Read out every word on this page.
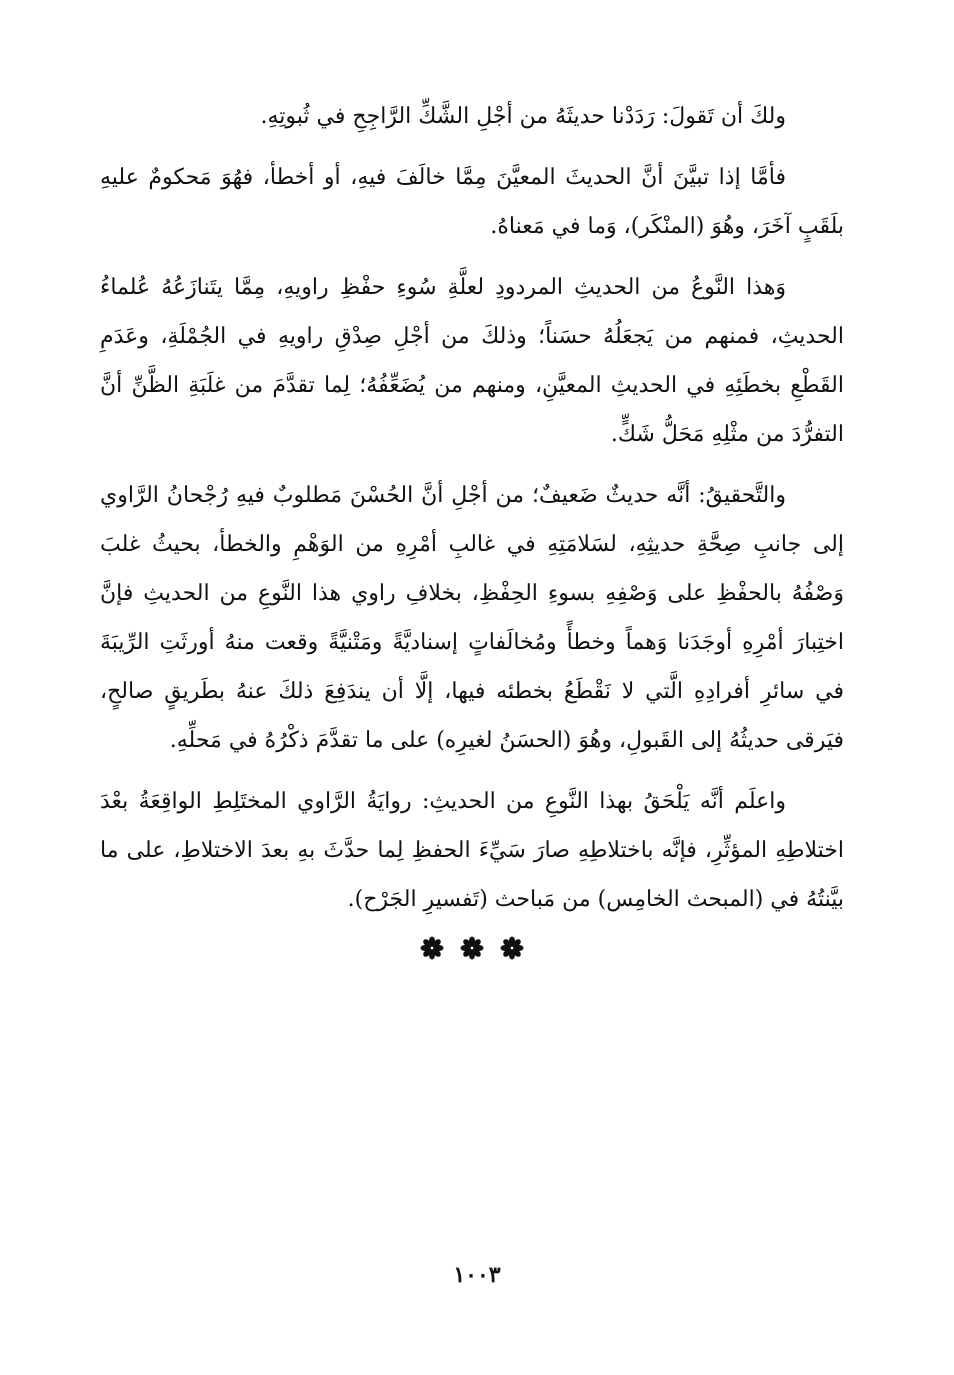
ولكَ أن تَقولَ: رَدَدْنا حديثَهُ من أجْلِ الشَّكِّ الرَّاجِحِ في ثُبوتِهِ.

فأمَّا إذا تبيَّنَ أنَّ الحديثَ المعيَّنَ مِمَّا خالَفَ فيهِ، أو أخطأ، فهُوَ مَحكومٌ عليهِ بلَقَبٍ آخَرَ، وهُوَ (المنْكَر)، وَما في مَعناهُ.

وَهذا النَّوعُ من الحديثِ المردودِ لعلَّةِ سُوءِ حفْظِ راويهِ، مِمَّا يتَنازَعُهُ عُلماءُ الحديثِ، فمنهم من يَجعَلُهُ حسَناً؛ وذلكَ من أجْلِ صِدْقِ راويهِ في الجُمْلَةِ، وعَدَمِ القَطْعِ بخطَئِهِ في الحديثِ المعيَّنِ، ومنهم من يُضَعِّفُهُ؛ لِما تقدَّمَ من غلَبَةِ الظَّنِّ أنَّ التفرُّدَ من مثْلِهِ مَحَلُّ شَكٍّ.

والتَّحقيقُ: أنَّه حديثٌ ضَعيفٌ؛ من أجْلِ أنَّ الحُسْنَ مَطلوبٌ فيهِ رُجْحانُ الرَّاوي إلى جانبِ صِحَّةِ حديثِهِ، لسَلامَتِهِ في غالبِ أمْرِهِ من الوَهْمِ والخطأ، بحيثُ غلبَ وَصْفُهُ بالحفْظِ على وَصْفِهِ بسوءِ الحِفْظِ، بخلافِ راوي هذا النَّوعِ من الحديثِ فإنَّ اختِبارَ أمْرِهِ أوجَدَنا وَهماً وخطأً ومُخالَفاتٍ إسناديَّةً ومَتْنيَّةً وقعت منهُ أورثَتِ الرِّيبَةَ في سائرِ أفرادِهِ الَّتي لا نَقْطَعُ بخطئه فيها، إلَّا أن يندَفِعَ ذلكَ عنهُ بطَريقٍ صالحٍ، فيَرقى حديثُهُ إلى القَبولِ، وهُوَ (الحسَنُ لغيرِه) على ما تقدَّمَ ذكْرُهُ في مَحلِّهِ.

واعلَم أنَّه يَلْحَقُ بهذا النَّوعِ من الحديثِ: روايَةُ الرَّاوي المختَلِطِ الواقِعَةُ بعْدَ اختلاطِهِ المؤثِّرِ، فإنَّه باختلاطِهِ صارَ سَيِّءَ الحفظِ لِما حدَّثَ بهِ بعدَ الاختلاطِ، على ما بيَّنتُهُ في (المبحث الخامِس) من مَباحث (تَفسيرِ الجَرْح).

١٠٠٣
